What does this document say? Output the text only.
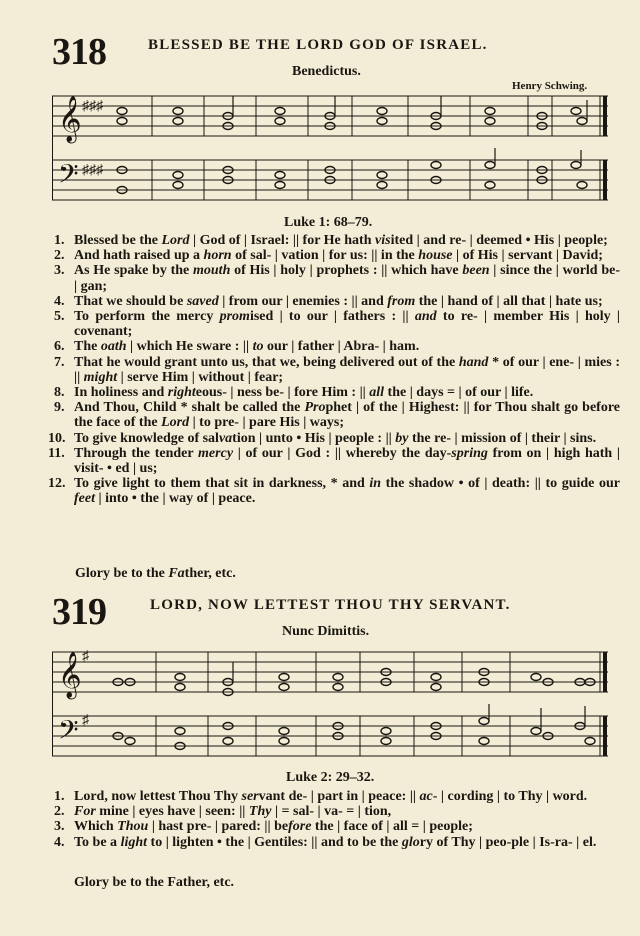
318	BLESSED BE THE LORD GOD OF ISRAEL.
Benedictus.
Henry Schwing.
𝄞
𝄢
♯♯♯
♯♯♯
Luke 1: 68–79.
1. Blessed be the Lord | God of | Israel: || for He hath visited | and re- | deemed • His | people;
2. And hath raised up a horn of sal- | vation | for us: || in the house | of His | servant | David;
3. As He spake by the mouth of His | holy | prophets : || which have been | since the | world be- | gan;
4. That we should be saved | from our | enemies : || and from the | hand of | all that | hate us;
5. To perform the mercy promised | to our | fathers : || and to re- | member His | holy | covenant;
6. The oath | which He sware : || to our | father | Abra- | ham.
7. That he would grant unto us, that we, being delivered out of the hand * of our | ene- | mies : || might | serve Him | without | fear;
8. In holiness and righteous- | ness be- | fore Him : || all the | days = | of our | life.
9. And Thou, Child * shalt be called the Prophet | of the | Highest: || for Thou shalt go before the face of the Lord | to pre- | pare His | ways;
10. To give knowledge of salvation | unto • His | people : || by the re- | mission of | their | sins.
11. Through the tender mercy | of our | God : || whereby the day-spring from on | high hath | visit- • ed | us;
12. To give light to them that sit in darkness, * and in the shadow • of | death: || to guide our feet | into • the | way of | peace.
Glory be to the Father, etc.
319	LORD, NOW LETTEST THOU THY SERVANT.
Nunc Dimittis.
𝄞
𝄢
♯
♯
Luke 2: 29–32.
1. Lord, now lettest Thou Thy servant de- | part in | peace: || ac- | cording | to Thy | word.
2. For mine | eyes have | seen: || Thy | = sal- | va- = | tion,
3. Which Thou | hast pre- | pared: || before the | face of | all = | people;
4. To be a light to | lighten • the | Gentiles: || and to be the glory of Thy | peo-ple | Is-ra- | el.
Glory be to the Father, etc.
